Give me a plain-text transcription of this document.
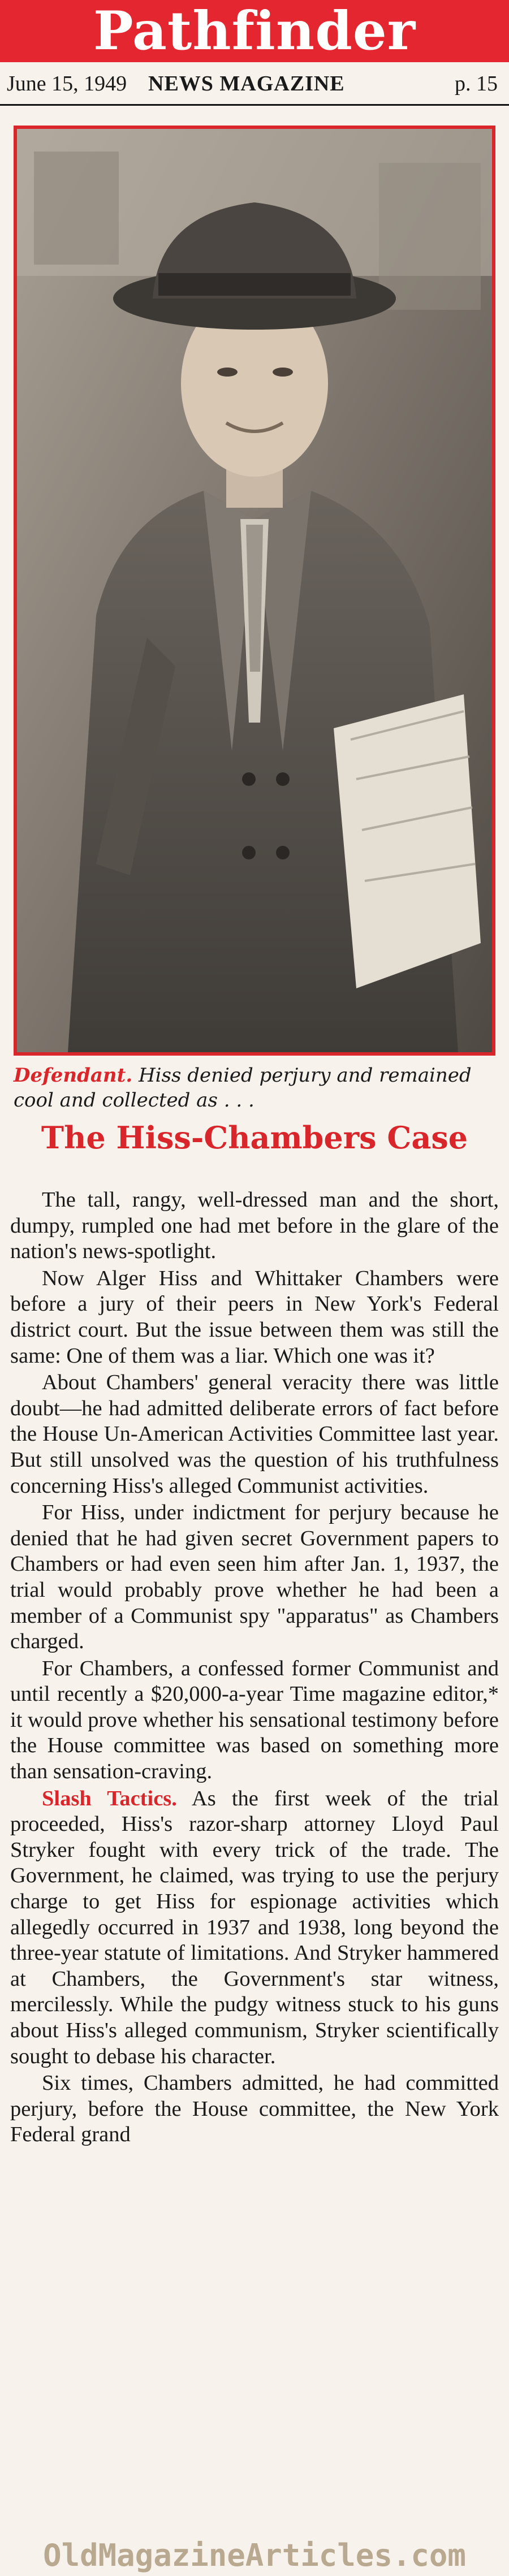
Pathfinder
June 15, 1949 NEWS MAGAZINE	p. 15
Defendant. Hiss denied perjury and remained cool and collected as . . .
The Hiss-Chambers Case

The tall, rangy, well-dressed man and the short, dumpy, rumpled one had met before in the glare of the nation's news-spotlight.

Now Alger Hiss and Whittaker Chambers were before a jury of their peers in New York's Federal district court. But the issue between them was still the same: One of them was a liar. Which one was it?

About Chambers' general veracity there was little doubt—he had admitted deliberate errors of fact before the House Un-American Activities Committee last year. But still unsolved was the question of his truthfulness concerning Hiss's alleged Communist activities.

For Hiss, under indictment for perjury because he denied that he had given secret Government papers to Chambers or had even seen him after Jan. 1, 1937, the trial would probably prove whether he had been a member of a Communist spy "apparatus" as Chambers charged.

For Chambers, a confessed former Communist and until recently a $20,000-a-year Time magazine editor,* it would prove whether his sensational testimony before the House committee was based on something more than sensation-craving.

Slash Tactics. As the first week of the trial proceeded, Hiss's razor-sharp attorney Lloyd Paul Stryker fought with every trick of the trade. The Government, he claimed, was trying to use the perjury charge to get Hiss for espionage activities which allegedly occurred in 1937 and 1938, long beyond the three-year statute of limitations. And Stryker hammered at Chambers, the Government's star witness, mercilessly. While the pudgy witness stuck to his guns about Hiss's alleged communism, Stryker scientifically sought to debase his character.

Six times, Chambers admitted, he had committed perjury, before the House committee, the New York Federal grand

OldMagazineArticles.com
